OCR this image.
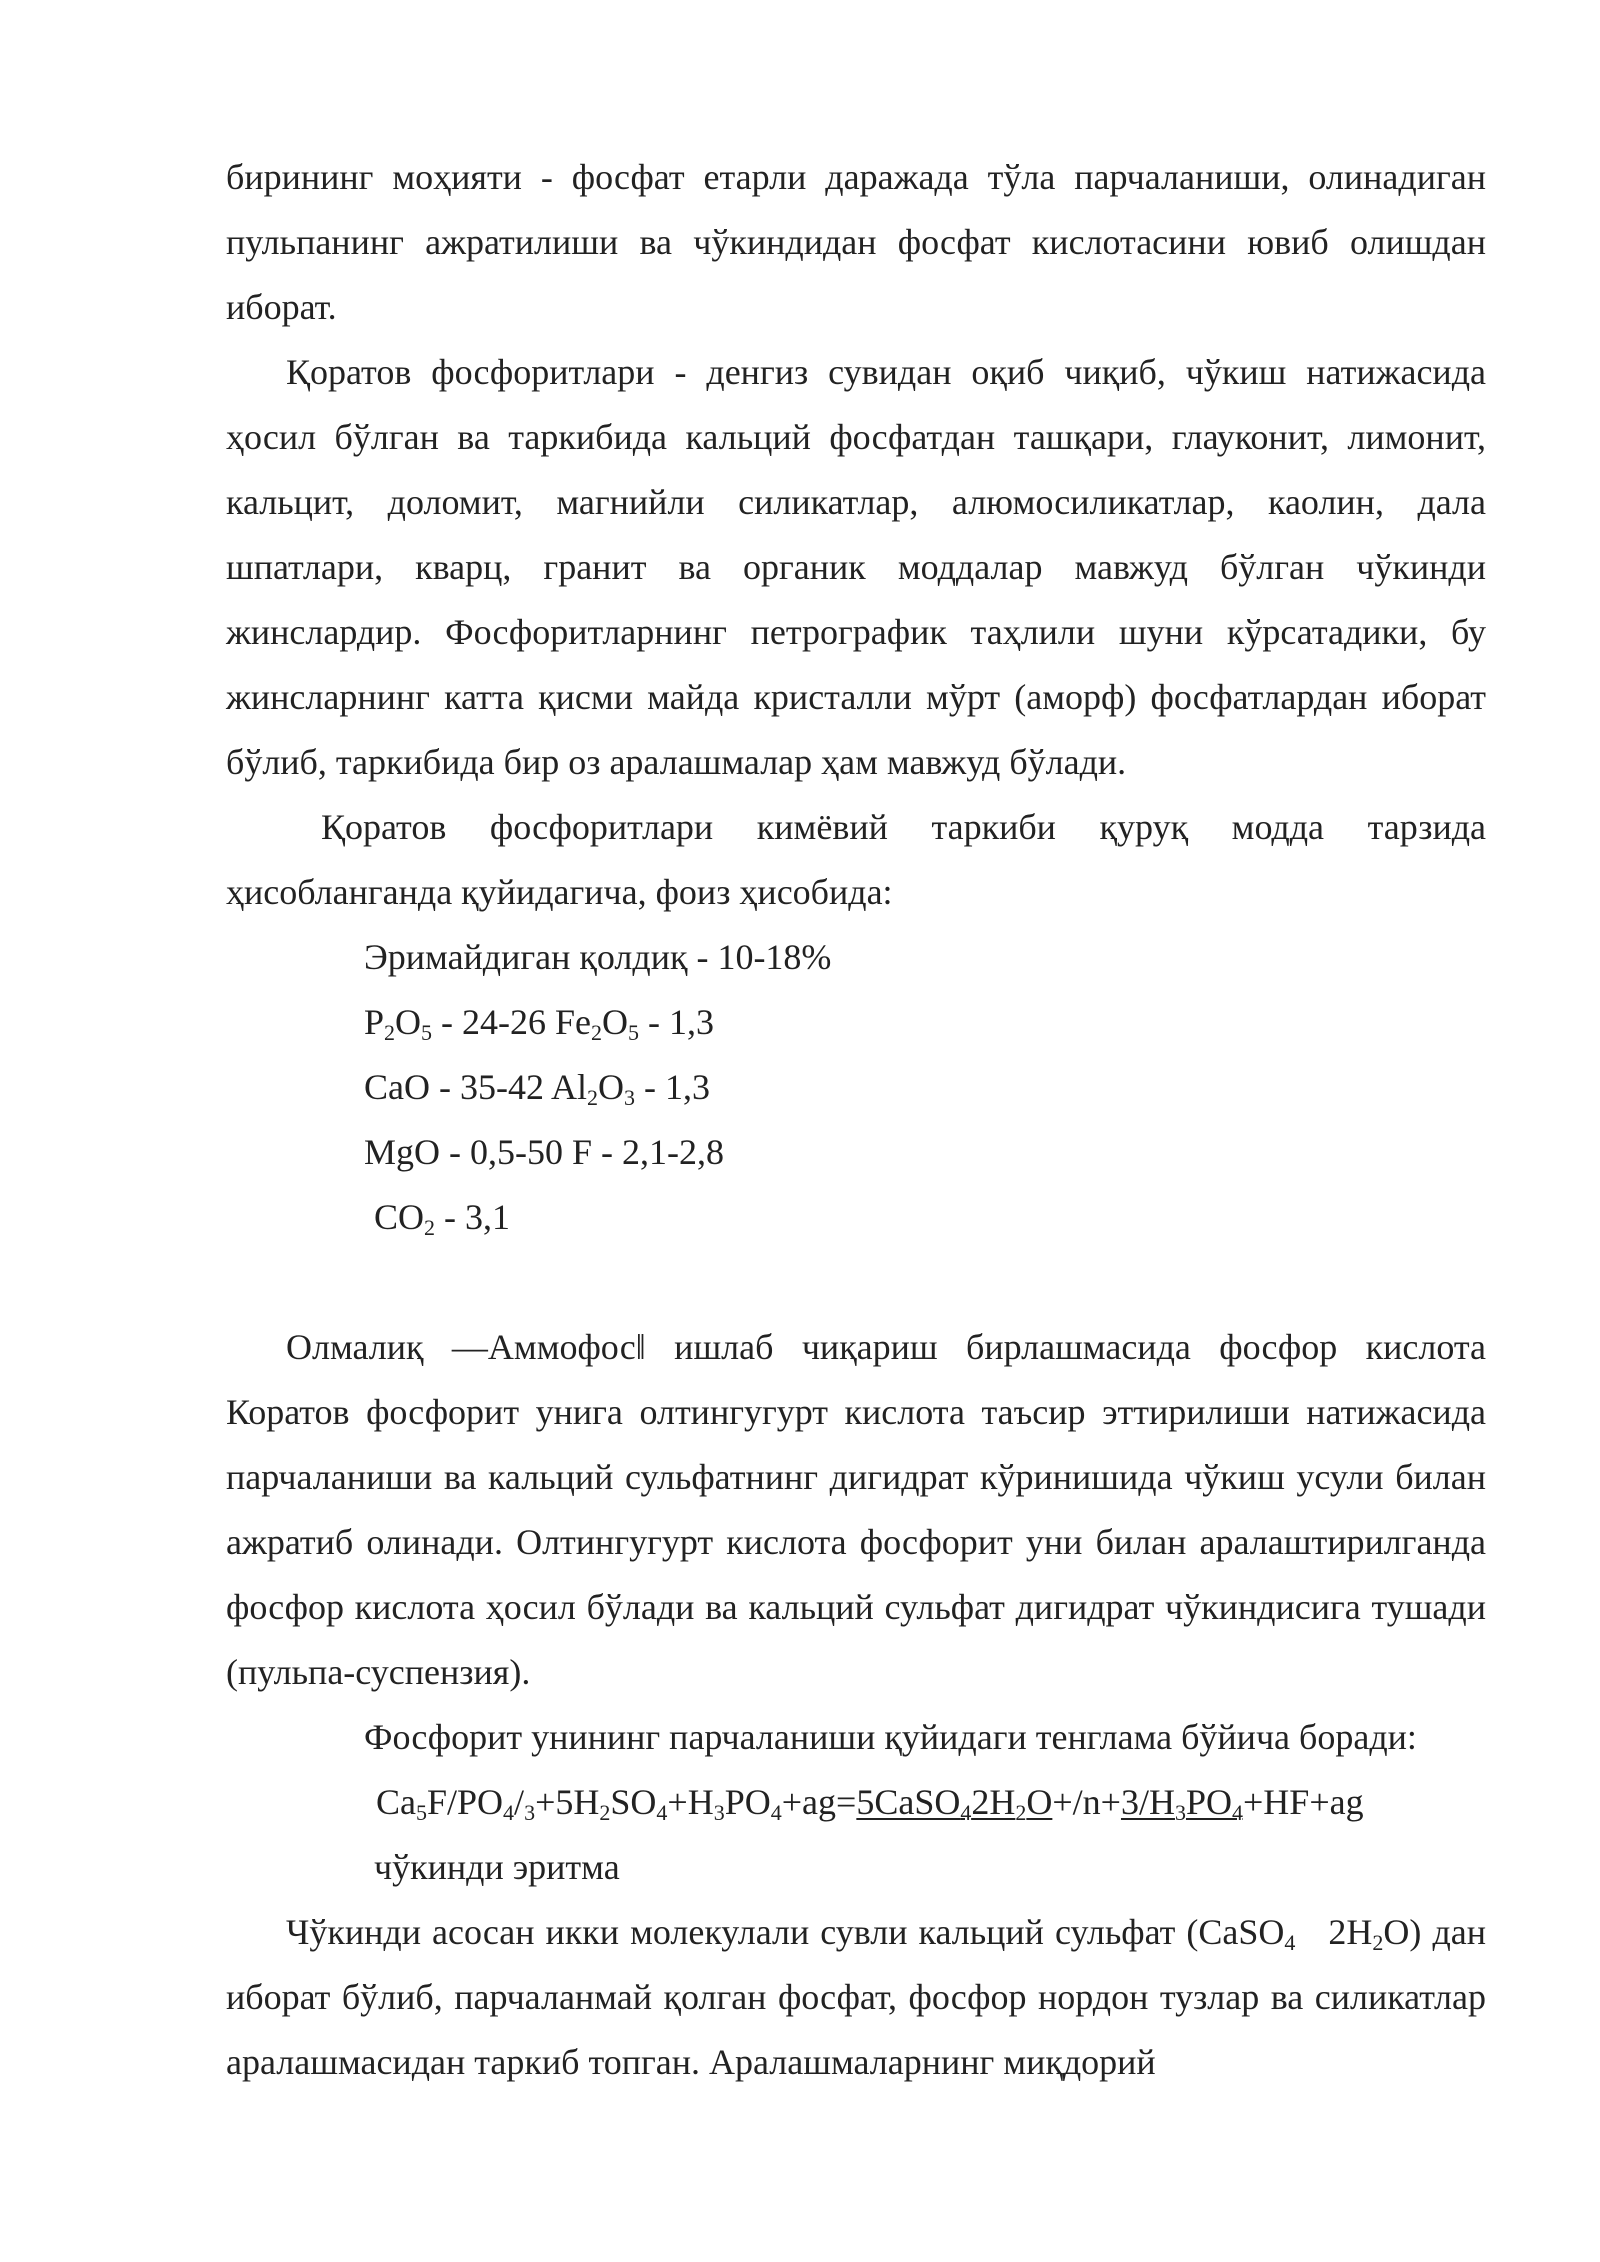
бирининг моҳияти - фосфат етарли даражада тўла парчаланиши, олинадиган пульпанинг ажратилиши ва чўкиндидан фосфат кислотасини ювиб олишдан иборат.

Қоратов фосфоритлари - денгиз сувидан оқиб чиқиб, чўкиш натижасида ҳосил бўлган ва таркибида кальций фосфатдан ташқари, глауконит, лимонит, кальцит, доломит, магнийли силикатлар, алюмосиликатлар, каолин, дала шпатлари, кварц, гранит ва органик моддалар мавжуд бўлган чўкинди жинслардир. Фосфоритларнинг петрографик таҳлили шуни кўрсатадики, бу жинсларнинг катта қисми майда кристалли мўрт (аморф) фосфатлардан иборат бўлиб, таркибида бир оз аралашмалар ҳам мавжуд бўлади.

Қоратов фосфоритлари кимёвий таркиби қуруқ модда тарзида ҳисобланганда қуйидагича, фоиз ҳисобида:

Эримайдиган қолдиқ - 10-18%

$P_2O_5 - 24-26$ $Fe_2O_5 - 1,3$

CaO - 35-42 $Al_2O_3 - 1,3$

MgO - 0,5-50 F - 2,1-2,8

$CO_2 - 3,1$

Олмалиқ ―Аммофос‖ ишлаб чиқариш бирлашмасида фосфор кислота Коратов фосфорит унига олтингугурт кислота таъсир эттирилиши натижасида парчаланиши ва кальций сульфатнинг дигидрат кўринишида чўкиш усули билан ажратиб олинади. Олтингугурт кислота фосфорит уни билан аралаштирилганда фосфор кислота ҳосил бўлади ва кальций сульфат дигидрат чўкиндисига тушади (пульпа-суспензия).

Фосфорит унининг парчаланиши қуйидаги тенглама бўйича боради:

$Ca_5F/PO_4/_3+5H_2SO_4+H_3PO_4+ag=5CaSO_42H_2O+/n+3/H_3PO_4+HF+ag$

чўкинди эритма

Чўкинди асосан икки молекулали сувли кальций сульфат (CaSO$_4$   $2H_2O$) дан иборат бўлиб, парчаланмай қолган фосфат, фосфор нордон тузлар ва силикатлар аралашмасидан таркиб топган. Аралашмаларнинг миқдорий
